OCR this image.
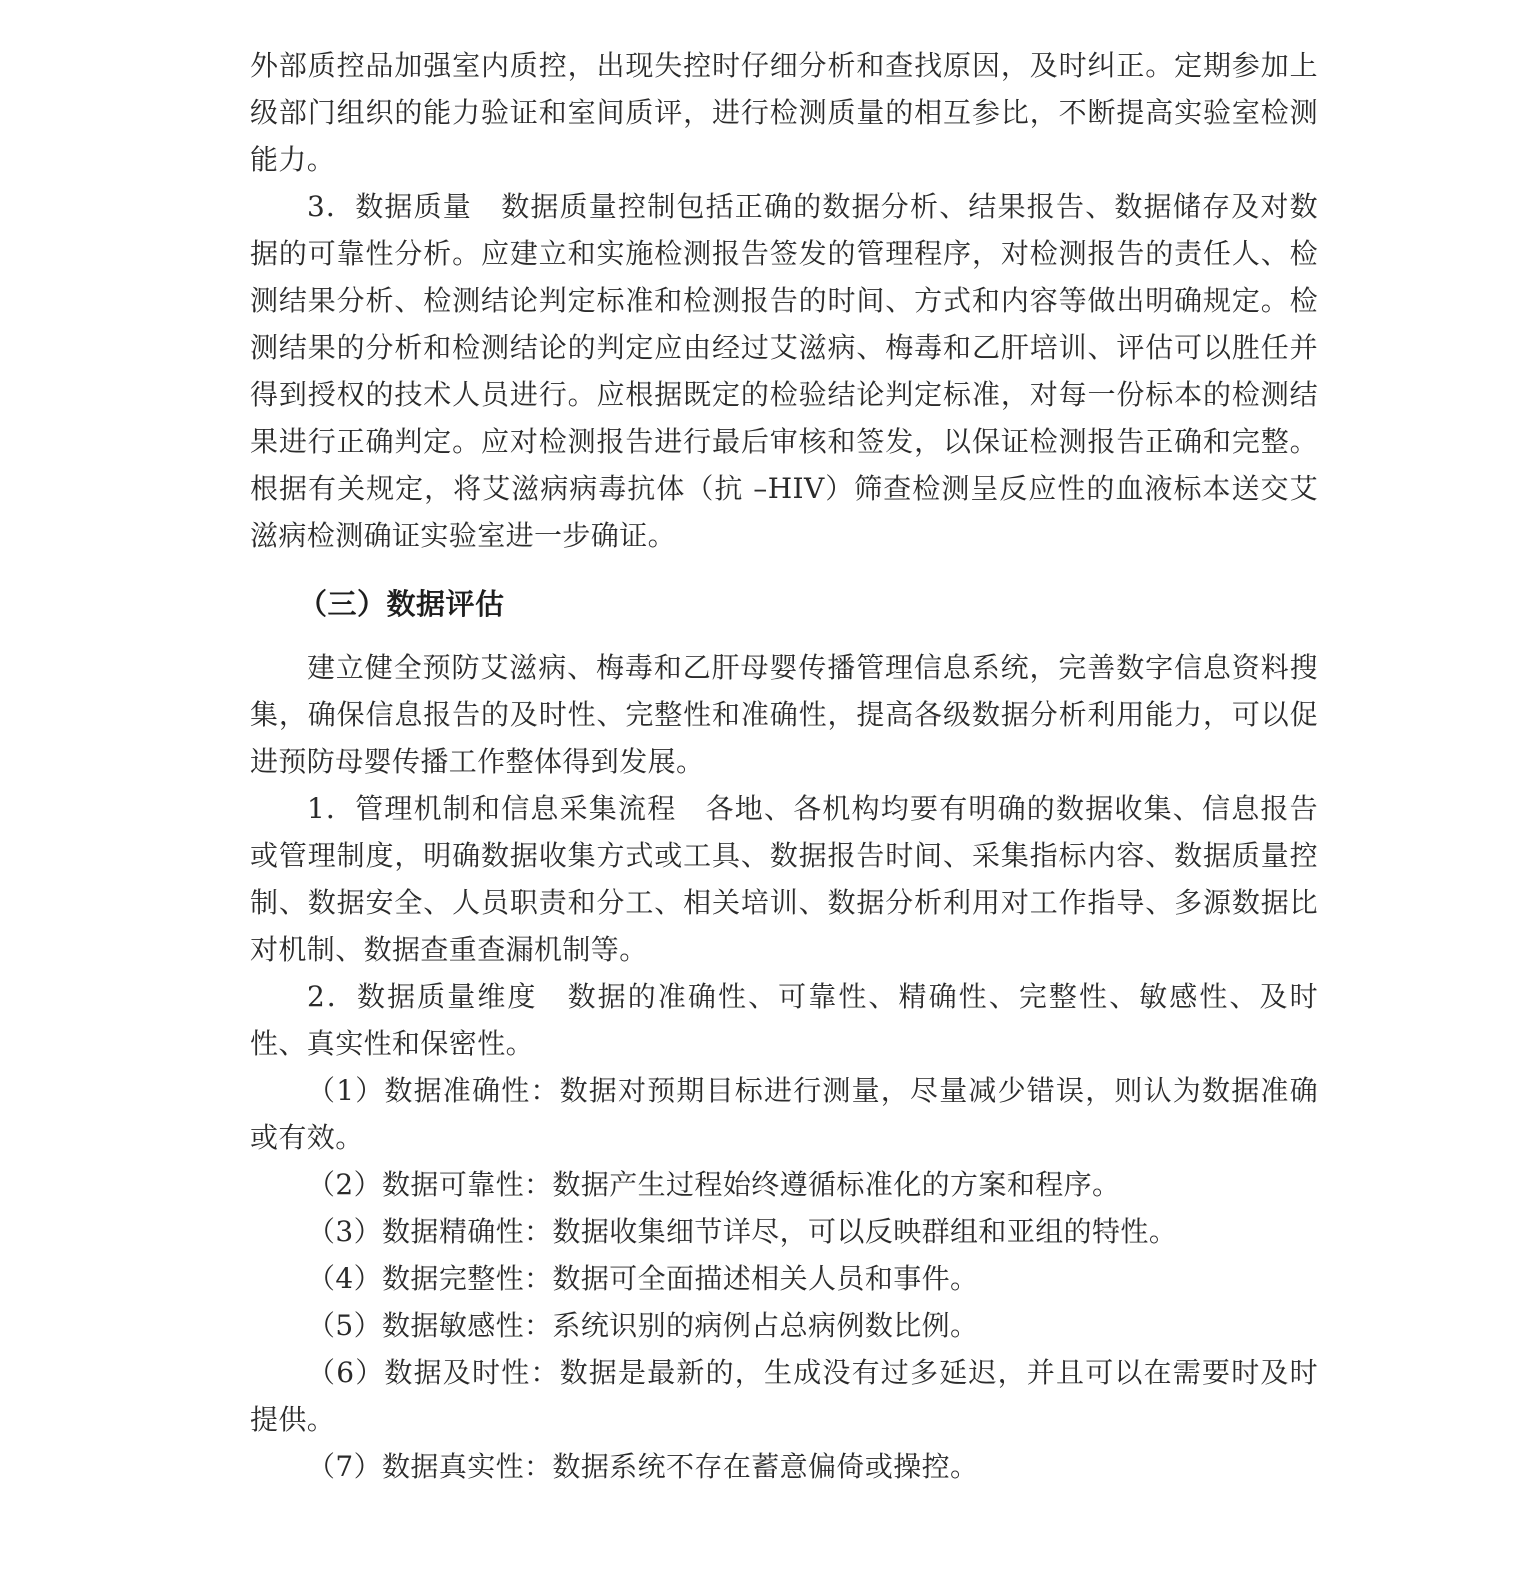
外部质控品加强室内质控，出现失控时仔细分析和查找原因，及时纠正。定期参加上级部门组织的能力验证和室间质评，进行检测质量的相互参比，不断提高实验室检测能力。

3．数据质量　数据质量控制包括正确的数据分析、结果报告、数据储存及对数据的可靠性分析。应建立和实施检测报告签发的管理程序，对检测报告的责任人、检测结果分析、检测结论判定标准和检测报告的时间、方式和内容等做出明确规定。检测结果的分析和检测结论的判定应由经过艾滋病、梅毒和乙肝培训、评估可以胜任并得到授权的技术人员进行。应根据既定的检验结论判定标准，对每一份标本的检测结果进行正确判定。应对检测报告进行最后审核和签发，以保证检测报告正确和完整。根据有关规定，将艾滋病病毒抗体（抗 –HIV）筛查检测呈反应性的血液标本送交艾滋病检测确证实验室进一步确证。

（三）数据评估

建立健全预防艾滋病、梅毒和乙肝母婴传播管理信息系统，完善数字信息资料搜集，确保信息报告的及时性、完整性和准确性，提高各级数据分析利用能力，可以促进预防母婴传播工作整体得到发展。

1．管理机制和信息采集流程　各地、各机构均要有明确的数据收集、信息报告或管理制度，明确数据收集方式或工具、数据报告时间、采集指标内容、数据质量控制、数据安全、人员职责和分工、相关培训、数据分析利用对工作指导、多源数据比对机制、数据查重查漏机制等。

2．数据质量维度　数据的准确性、可靠性、精确性、完整性、敏感性、及时性、真实性和保密性。

（1）数据准确性：数据对预期目标进行测量，尽量减少错误，则认为数据准确或有效。

（2）数据可靠性：数据产生过程始终遵循标准化的方案和程序。

（3）数据精确性：数据收集细节详尽，可以反映群组和亚组的特性。

（4）数据完整性：数据可全面描述相关人员和事件。

（5）数据敏感性：系统识别的病例占总病例数比例。

（6）数据及时性：数据是最新的，生成没有过多延迟，并且可以在需要时及时提供。

（7）数据真实性：数据系统不存在蓄意偏倚或操控。
